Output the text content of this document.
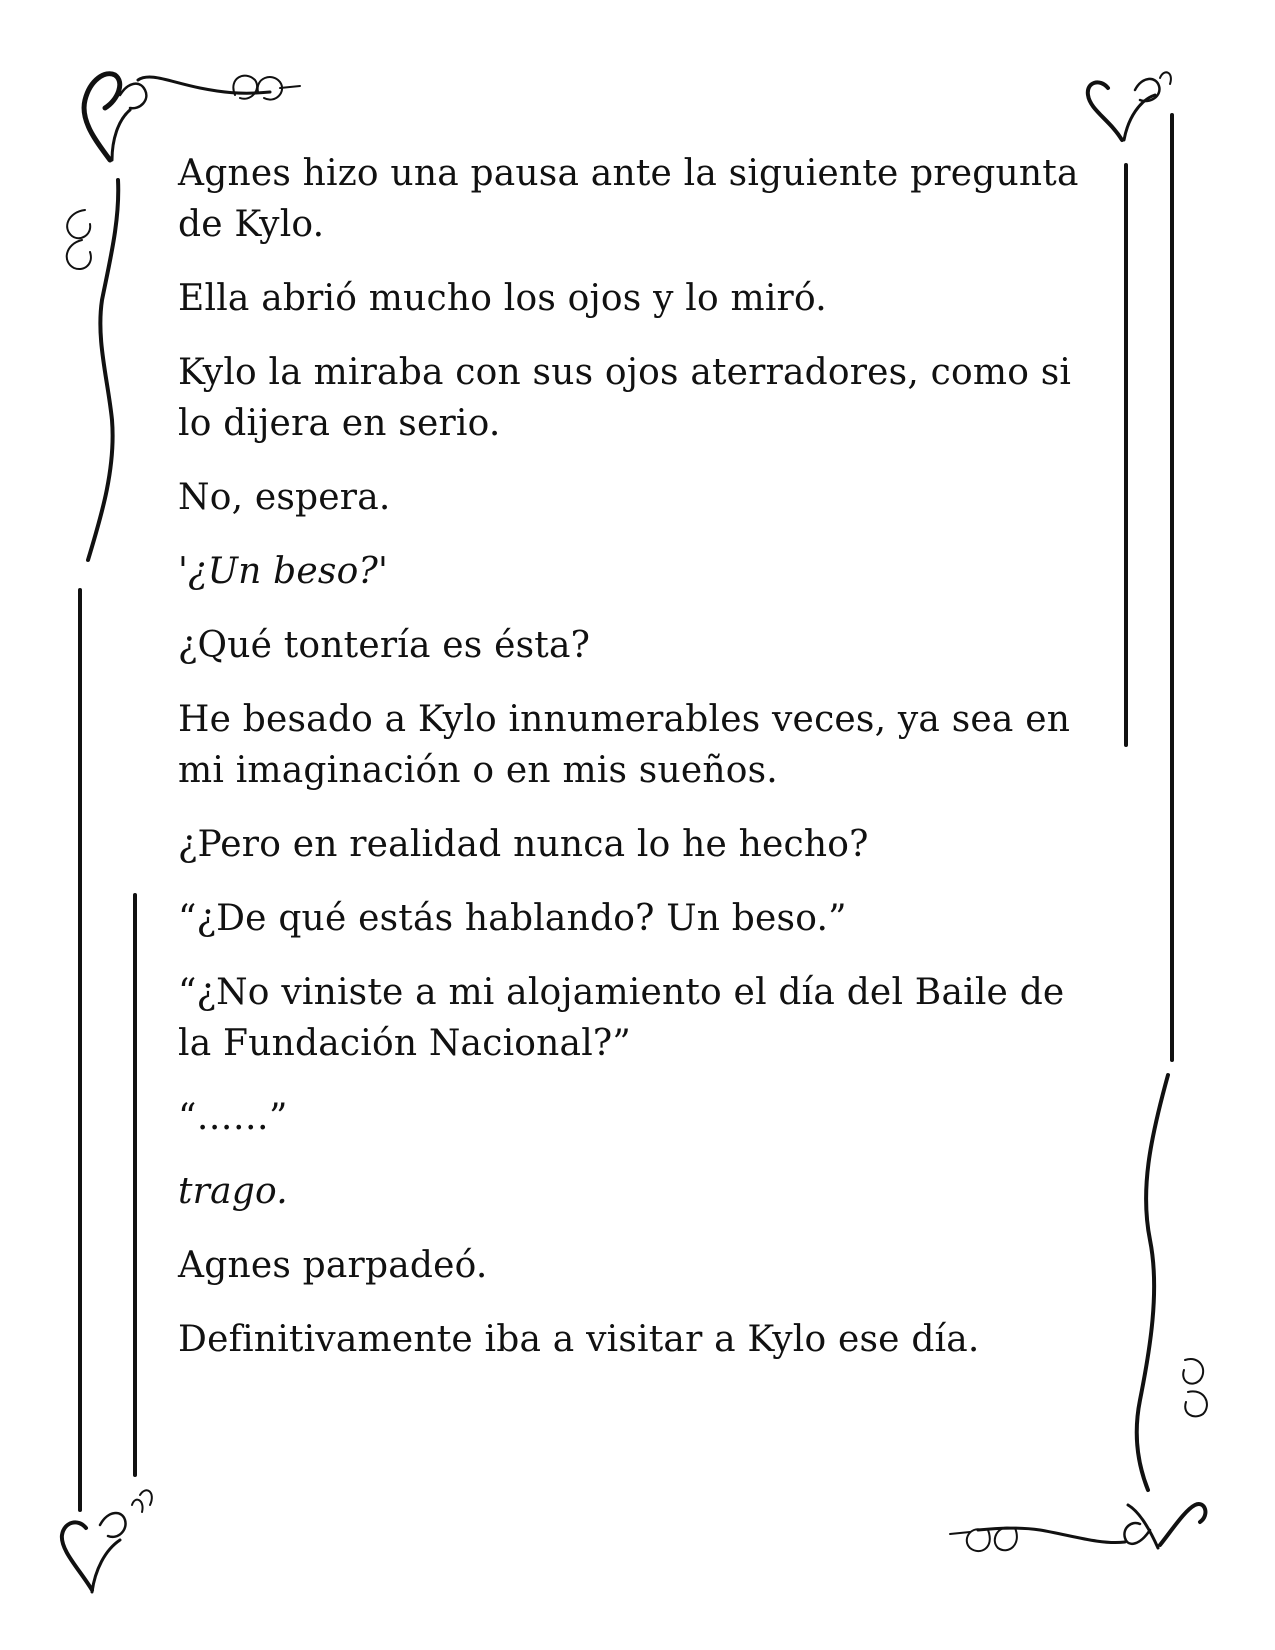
Agnes hizo una pausa ante la siguiente pregunta de Kylo.

Ella abrió mucho los ojos y lo miró.

Kylo la miraba con sus ojos aterradores, como si lo dijera en serio.

No, espera.

'¿Un beso?'

¿Qué tontería es ésta?

He besado a Kylo innumerables veces, ya sea en mi imaginación o en mis sueños.

¿Pero en realidad nunca lo he hecho?

“¿De qué estás hablando? Un beso.”

“¿No viniste a mi alojamiento el día del Baile de la Fundación Nacional?”

“……”

trago.

Agnes parpadeó.

Definitivamente iba a visitar a Kylo ese día.
